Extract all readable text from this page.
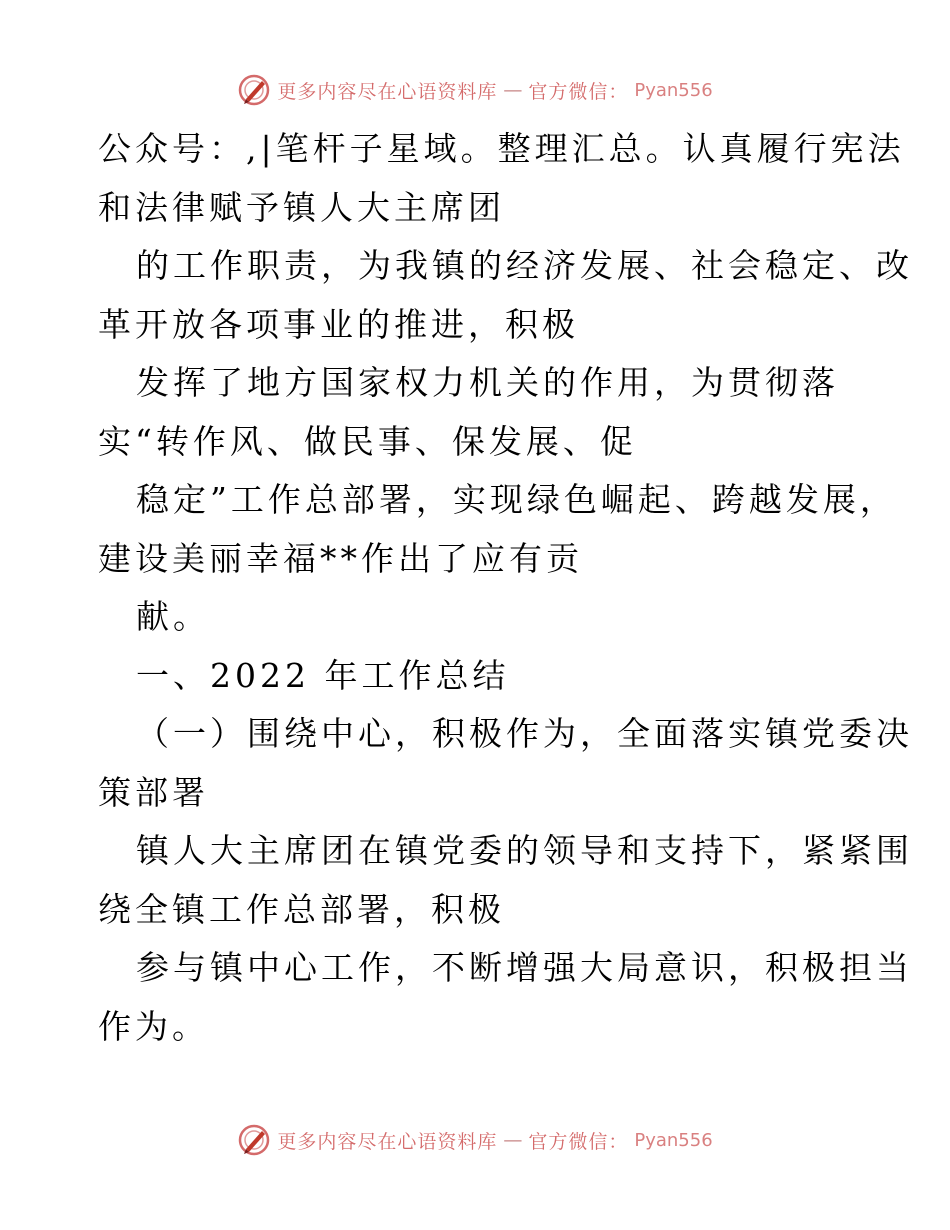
更多内容尽在心语资料库 — 官方微信： Pyan556
公众号：,|笔杆子星域。整理汇总。认真履行宪法
和法律赋予镇人大主席团
的工作职责，为我镇的经济发展、社会稳定、改
革开放各项事业的推进，积极
发挥了地方国家权力机关的作用，为贯彻落
实“转作风、做民事、保发展、促
稳定”工作总部署，实现绿色崛起、跨越发展，
建设美丽幸福**作出了应有贡
献。
一、2022 年工作总结
（一）围绕中心，积极作为，全面落实镇党委决
策部署
镇人大主席团在镇党委的领导和支持下，紧紧围
绕全镇工作总部署，积极
参与镇中心工作，不断增强大局意识，积极担当
作为。
更多内容尽在心语资料库 — 官方微信： Pyan556
